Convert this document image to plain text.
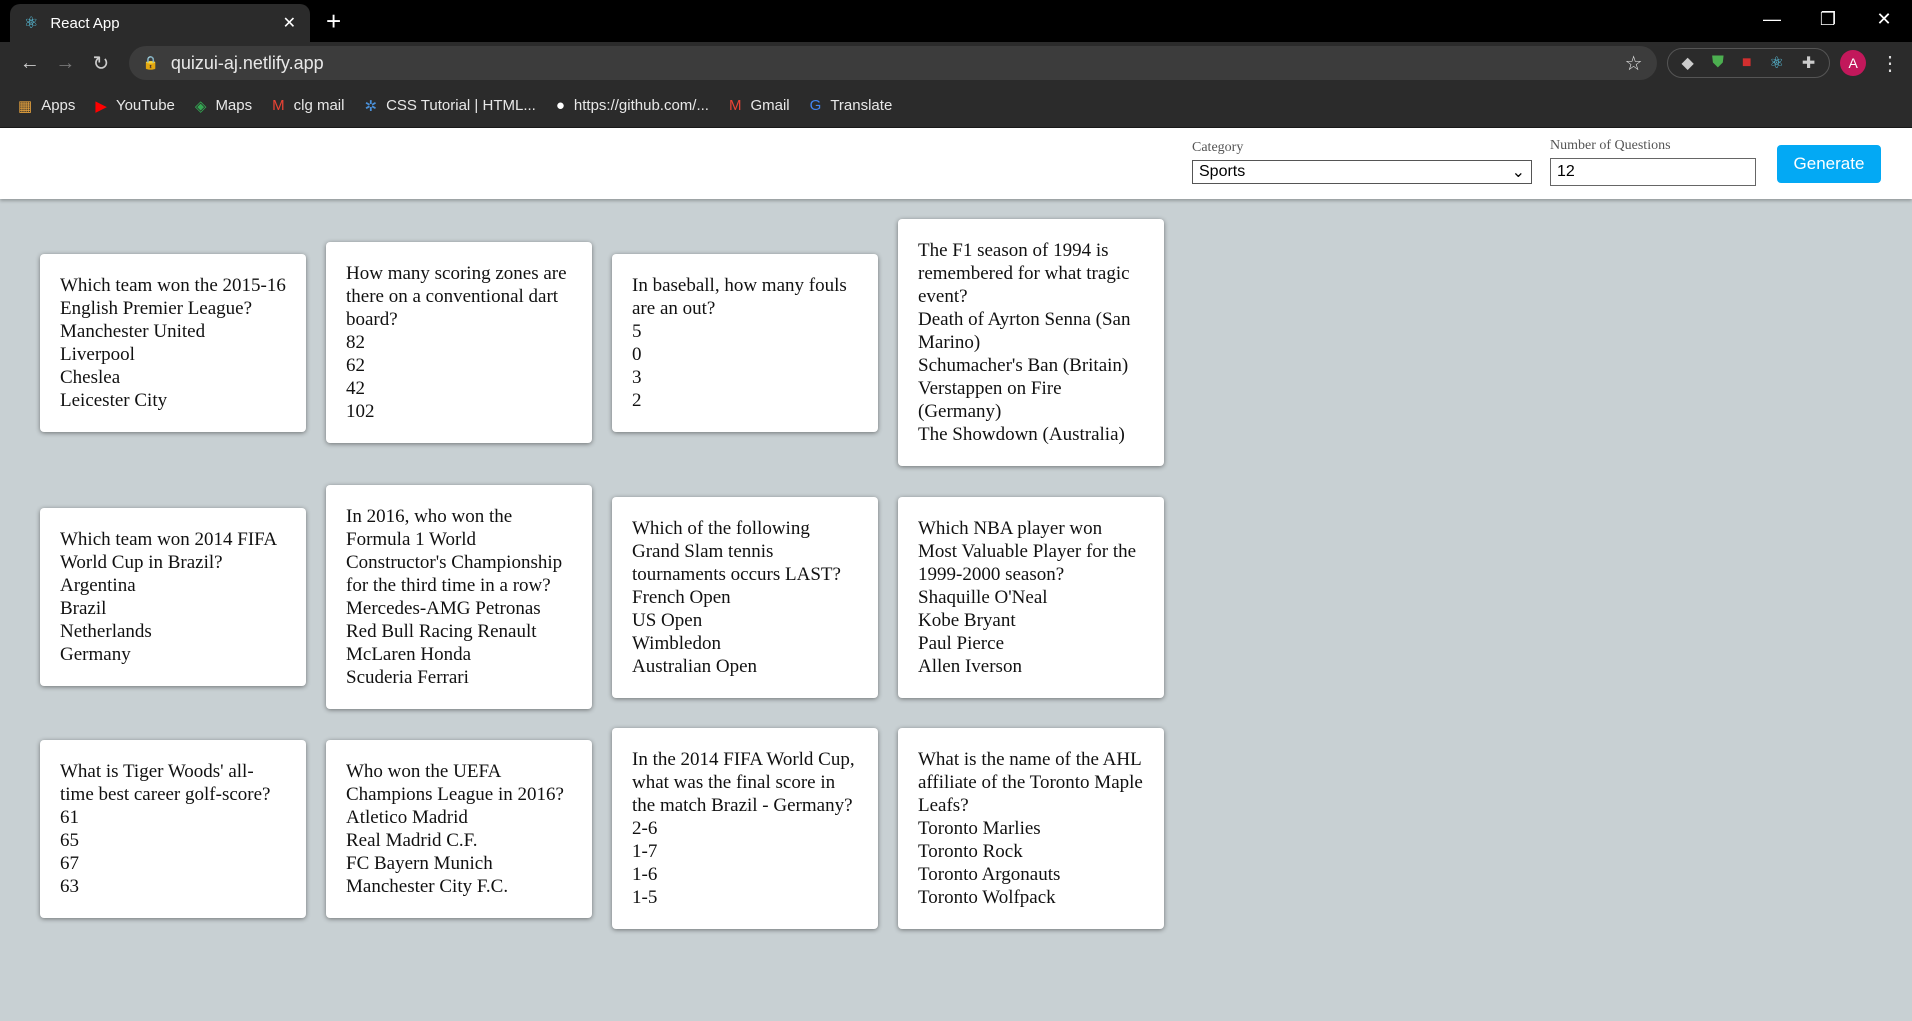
⚛ React App	✕ +	—	❐	✕
← → ↻	🔒 quizui-aj.netlify.app	☆ ◆ ⛊ ■ ⚛ ✚	A	⋮
▦ Apps ▶ YouTube ◈ Maps M clg mail ✲ CSS Tutorial | HTML... ● https://github.com/... M Gmail G Translate
Category
Sports	⌄
Number of Questions
12	Generate
Which team won the 2015-16 English Premier League?
Manchester United
Liverpool
Cheslea
Leicester City
How many scoring zones are there on a conventional dart board?
82
62
42
102
In baseball, how many fouls are an out?
5
0
3
2
The F1 season of 1994 is remembered for what tragic event?
Death of Ayrton Senna (San Marino)
Schumacher's Ban (Britain)
Verstappen on Fire (Germany)
The Showdown (Australia)
Which team won 2014 FIFA World Cup in Brazil?
Argentina
Brazil
Netherlands
Germany
In 2016, who won the Formula 1 World Constructor's Championship for the third time in a row?
Mercedes-AMG Petronas
Red Bull Racing Renault
McLaren Honda
Scuderia Ferrari
Which of the following Grand Slam tennis tournaments occurs LAST?
French Open
US Open
Wimbledon
Australian Open
Which NBA player won Most Valuable Player for the 1999-2000 season?
Shaquille O'Neal
Kobe Bryant
Paul Pierce
Allen Iverson
What is Tiger Woods' all-time best career golf-score?
61
65
67
63
Who won the UEFA Champions League in 2016?
Atletico Madrid
Real Madrid C.F.
FC Bayern Munich
Manchester City F.C.
In the 2014 FIFA World Cup, what was the final score in the match Brazil - Germany?
2-6
1-7
1-6
1-5
What is the name of the AHL affiliate of the Toronto Maple Leafs?
Toronto Marlies
Toronto Rock
Toronto Argonauts
Toronto Wolfpack
